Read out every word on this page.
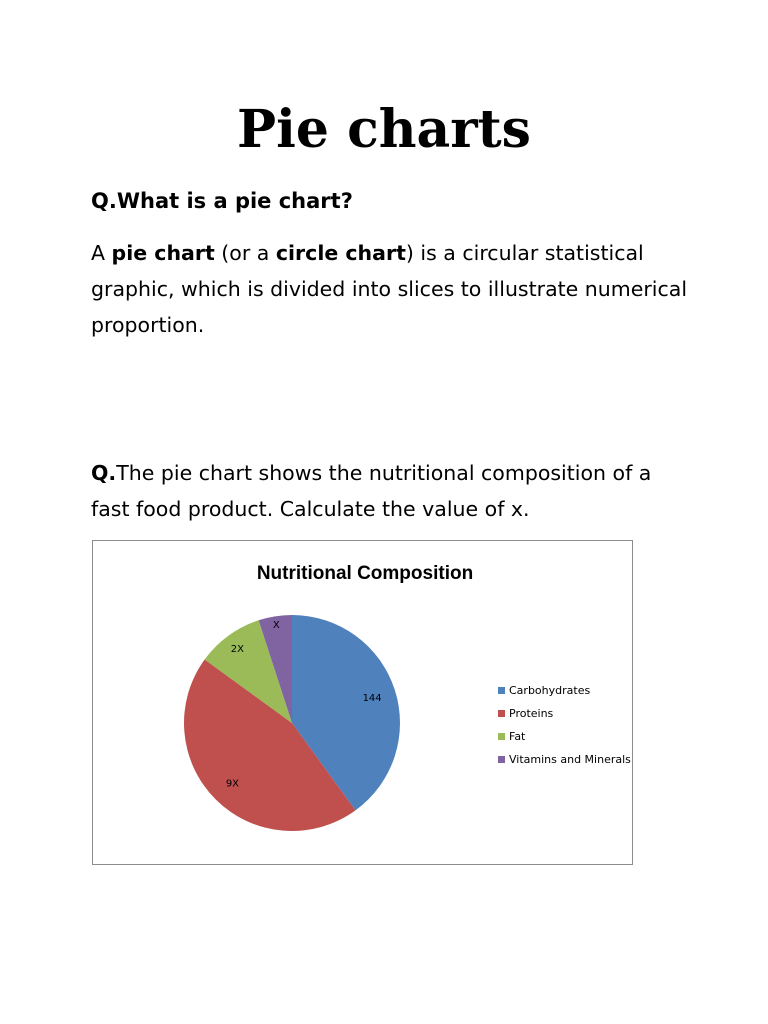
Pie charts

Q.What is a pie chart?

A pie chart (or a circle chart) is a circular statistical graphic, which is divided into slices to illustrate numerical proportion.

Q.The pie chart shows the nutritional composition of a fast food product. Calculate the value of x.

Nutritional Composition
144
9X
2X
X
Carbohydrates
Proteins
Fat
Vitamins and Minerals
